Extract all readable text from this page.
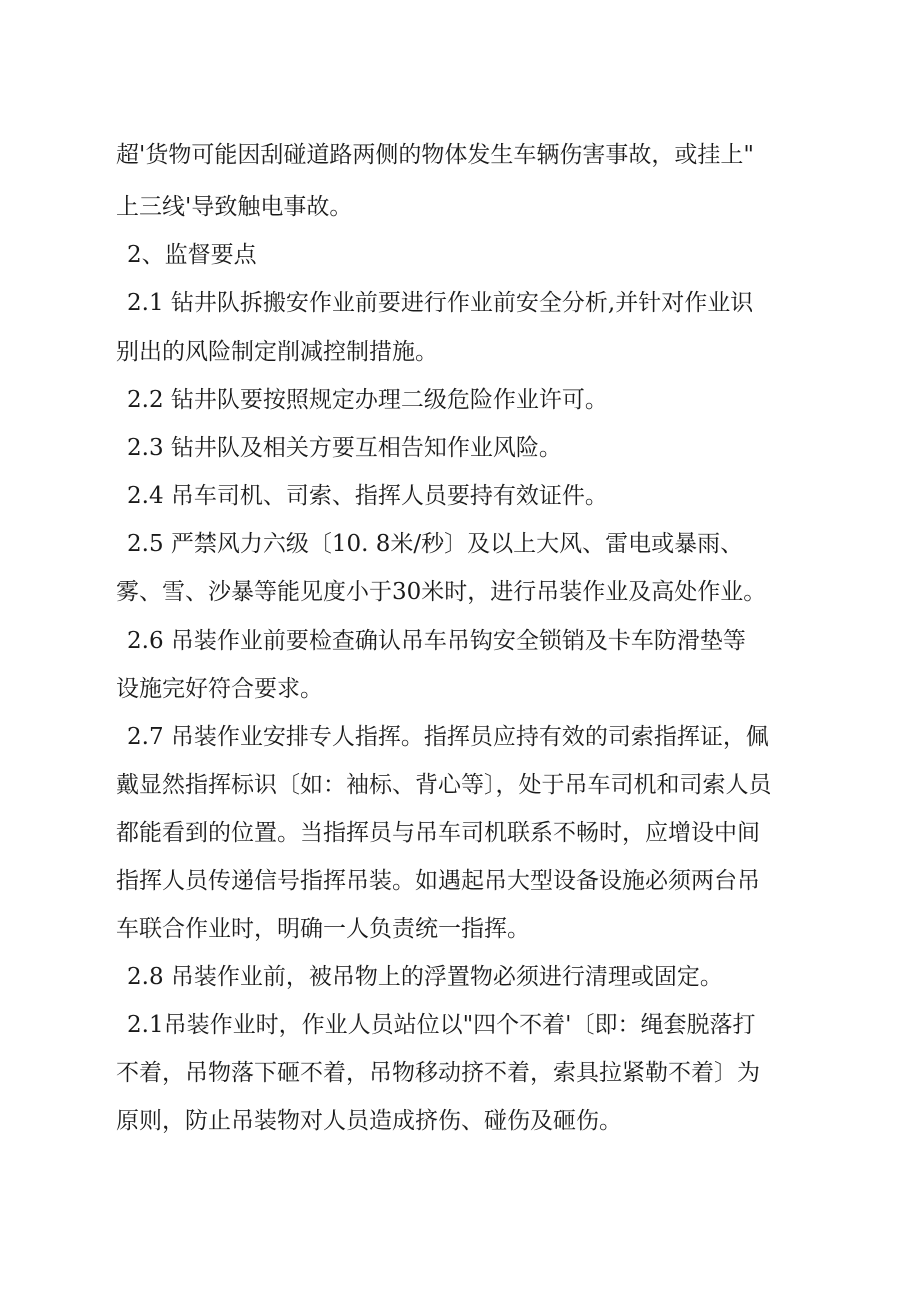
超'货物可能因刮碰道路两侧的物体发生车辆伤害事故，或挂上"
上三线'导致触电事故。
2、监督要点
2.1 钻井队拆搬安作业前要进行作业前安全分析,并针对作业识
别出的风险制定削减控制措施。
2.2 钻井队要按照规定办理二级危险作业许可。
2.3 钻井队及相关方要互相告知作业风险。
2.4 吊车司机、司索、指挥人员要持有效证件。
2.5 严禁风力六级〔10. 8米/秒〕及以上大风、雷电或暴雨、
雾、雪、沙暴等能见度小于30米时，进行吊装作业及高处作业。
2.6 吊装作业前要检查确认吊车吊钩安全锁销及卡车防滑垫等
设施完好符合要求。
2.7 吊装作业安排专人指挥。指挥员应持有效的司索指挥证，佩
戴显然指挥标识〔如：袖标、背心等〕，处于吊车司机和司索人员
都能看到的位置。当指挥员与吊车司机联系不畅时，应增设中间
指挥人员传递信号指挥吊装。如遇起吊大型设备设施必须两台吊
车联合作业时，明确一人负责统一指挥。
2.8 吊装作业前，被吊物上的浮置物必须进行清理或固定。
2.1吊装作业时，作业人员站位以"四个不着'〔即：绳套脱落打
不着，吊物落下砸不着，吊物移动挤不着，索具拉紧勒不着〕为
原则，防止吊装物对人员造成挤伤、碰伤及砸伤。
